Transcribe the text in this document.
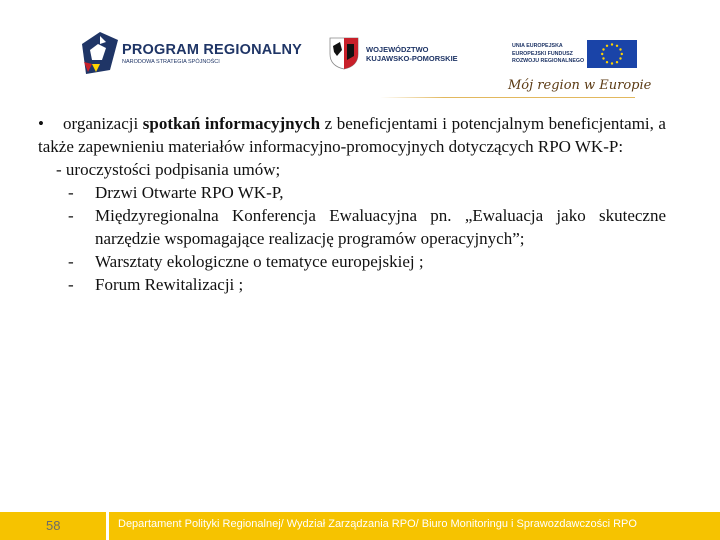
PROGRAM REGIONALNY
NARODOWA STRATEGIA SPÓJNOŚCI
WOJEWÓDZTWO
KUJAWSKO-POMORSKIE
UNIA EUROPEJSKA
EUROPEJSKI FUNDUSZ
ROZWOJU REGIONALNEGO
Mój region w Europie

• organizacji spotkań informacyjnych z beneficjentami i potencjalnym beneficjentami, a także zapewnieniu materiałów informacyjno-promocyjnych dotyczących RPO WK-P:

- uroczystości podpisania umów;

- Drzwi Otwarte RPO WK-P,
- Międzyregionalna Konferencja Ewaluacyjna pn. „Ewaluacja jako skuteczne narzędzie wspomagające realizację programów operacyjnych”;
- Warsztaty ekologiczne o tematyce europejskiej ;
- Forum Rewitalizacji ;
58	Departament Polityki Regionalnej/ Wydział Zarządzania RPO/ Biuro Monitoringu i Sprawozdawczości RPO
